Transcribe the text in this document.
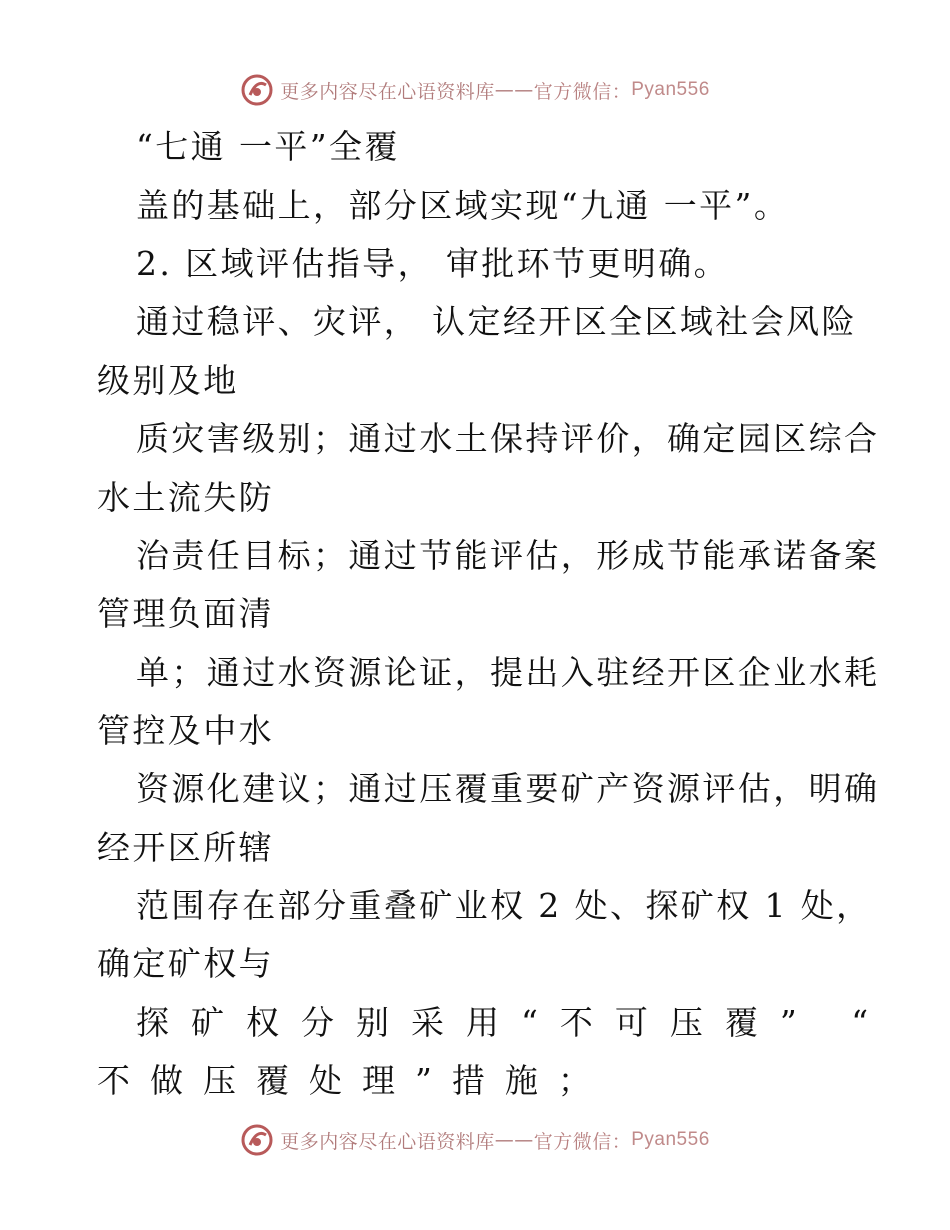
更多内容尽在心语资料库 —— 官方微信： Pyan556
“七通 一平”全覆
盖的基础上，部分区域实现“九通 一平”。
2. 区域评估指导， 审批环节更明确。
通过稳评、灾评， 认定经开区全区域社会风险
级别及地
质灾害级别；通过水土保持评价，确定园区综合
水土流失防
治责任目标；通过节能评估，形成节能承诺备案
管理负面清
单；通过水资源论证，提出入驻经开区企业水耗
管控及中水
资源化建议；通过压覆重要矿产资源评估，明确
经开区所辖
范围存在部分重叠矿业权 2 处、探矿权 1 处，
确定矿权与
探矿权分别采用“不可压覆” “
不做压覆处理”措施；
更多内容尽在心语资料库 —— 官方微信： Pyan556
